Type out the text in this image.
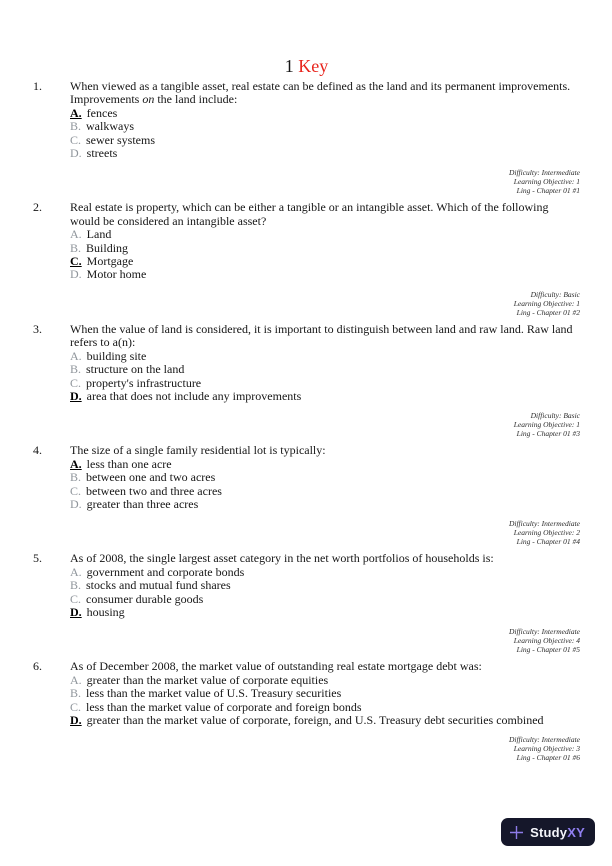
1 Key
1.	When viewed as a tangible asset, real estate can be defined as the land and its permanent improvements. Improvements on the land include:
A. fences
B. walkways
C. sewer systems
D. streets
Difficulty: Intermediate
Learning Objective: 1
Ling - Chapter 01 #1
2.	Real estate is property, which can be either a tangible or an intangible asset. Which of the following would be considered an intangible asset?
A. Land
B. Building
C. Mortgage
D. Motor home
Difficulty: Basic
Learning Objective: 1
Ling - Chapter 01 #2
3.	When the value of land is considered, it is important to distinguish between land and raw land. Raw land refers to a(n):
A. building site
B. structure on the land
C. property's infrastructure
D. area that does not include any improvements
Difficulty: Basic
Learning Objective: 1
Ling - Chapter 01 #3
4.	The size of a single family residential lot is typically:
A. less than one acre
B. between one and two acres
C. between two and three acres
D. greater than three acres
Difficulty: Intermediate
Learning Objective: 2
Ling - Chapter 01 #4
5.	As of 2008, the single largest asset category in the net worth portfolios of households is:
A. government and corporate bonds
B. stocks and mutual fund shares
C. consumer durable goods
D. housing
Difficulty: Intermediate
Learning Objective: 4
Ling - Chapter 01 #5
6.	As of December 2008, the market value of outstanding real estate mortgage debt was:
A. greater than the market value of corporate equities
B. less than the market value of U.S. Treasury securities
C. less than the market value of corporate and foreign bonds
D. greater than the market value of corporate, foreign, and U.S. Treasury debt securities combined
Difficulty: Intermediate
Learning Objective: 3
Ling - Chapter 01 #6
StudyXY
